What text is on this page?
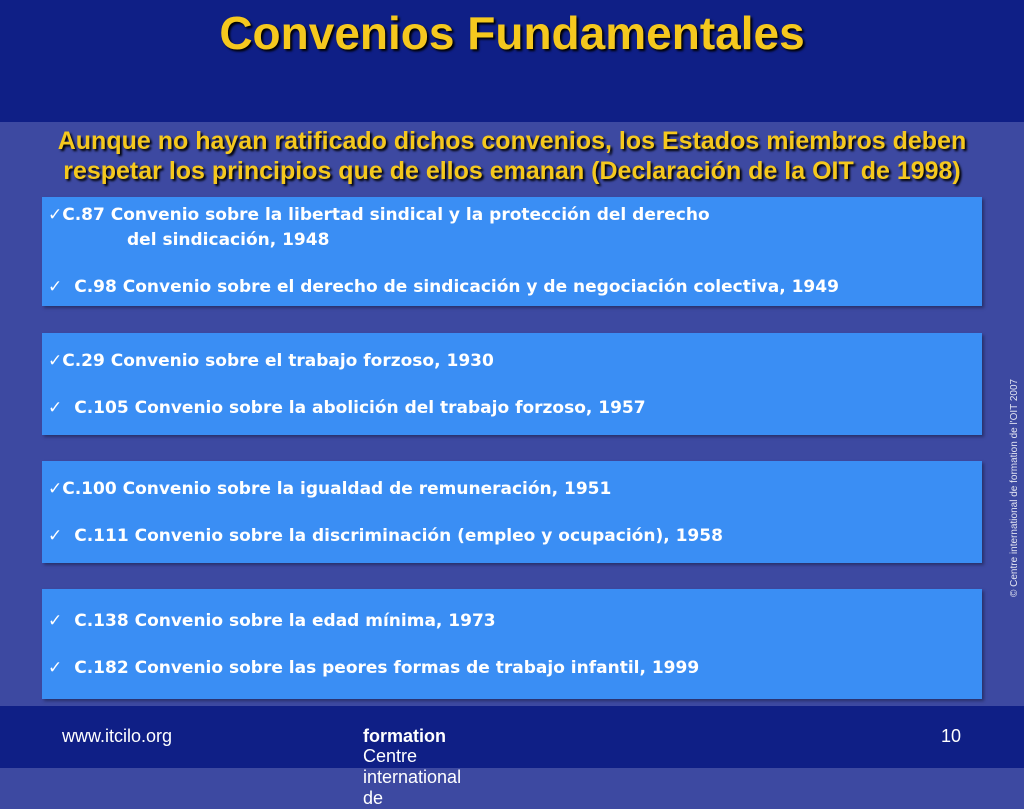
Convenios Fundamentales
Aunque no hayan ratificado dichos convenios, los Estados miembros deben
respetar los principios que de ellos emanan (Declaración de la OIT de 1998)
✓C.87 Convenio sobre la libertad sindical y la protección del derecho
del sindicación, 1948
✓ C.98 Convenio sobre el derecho de sindicación y de negociación colectiva, 1949
✓C.29 Convenio sobre el trabajo forzoso, 1930
✓ C.105 Convenio sobre la abolición del trabajo forzoso, 1957
✓C.100 Convenio sobre la igualdad de remuneración, 1951
✓ C.111 Convenio sobre la discriminación (empleo y ocupación), 1958
✓ C.138 Convenio sobre la edad mínima, 1973
✓ C.182 Convenio sobre las peores formas de trabajo infantil, 1999
© Centre international de formation de l'OIT 2007
www.itcilo.org
Centre international de
formation	10
